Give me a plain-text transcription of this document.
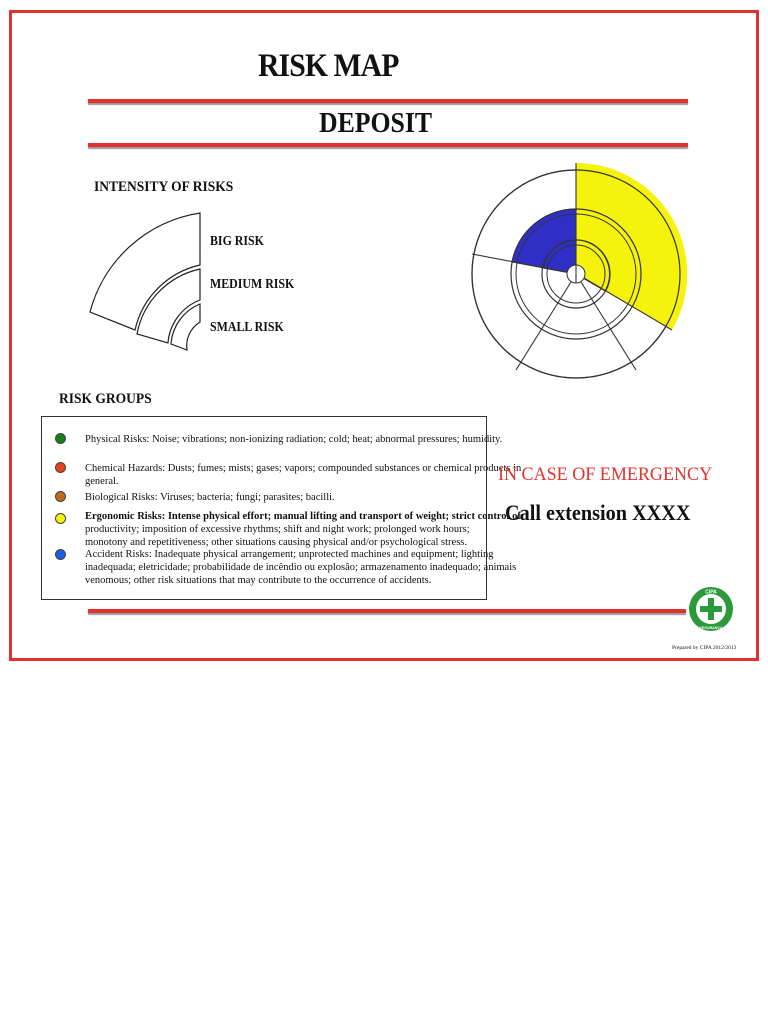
RISK MAP
DEPOSIT
INTENSITY OF RISKS
BIG RISK
MEDIUM RISK
SMALL RISK
RISK GROUPS
Physical Risks: Noise; vibrations; non-ionizing radiation; cold; heat; abnormal pressures; humidity.
Chemical Hazards: Dusts; fumes; mists; gases; vapors; compounded substances or chemical products in
general.
Biological Risks: Viruses; bacteria; fungi; parasites; bacilli.
Ergonomic Risks: Intense physical effort; manual lifting and transport of weight; strict control of
productivity; imposition of excessive rhythms; shift and night work; prolonged work hours;
monotony and repetitiveness; other situations causing physical and/or psychological stress.
Accident Risks: Inadequate physical arrangement; unprotected machines and equipment; lighting
inadequada; eletricidade; probabilidade de incêndio ou explosão; armazenamento inadequado; animais
venomous; other risk situations that may contribute to the occurrence of accidents.
IN CASE OF EMERGENCY
Call extension XXXX
CIPA
SEGURANÇA
Prepared by CIPA 2012/2013
